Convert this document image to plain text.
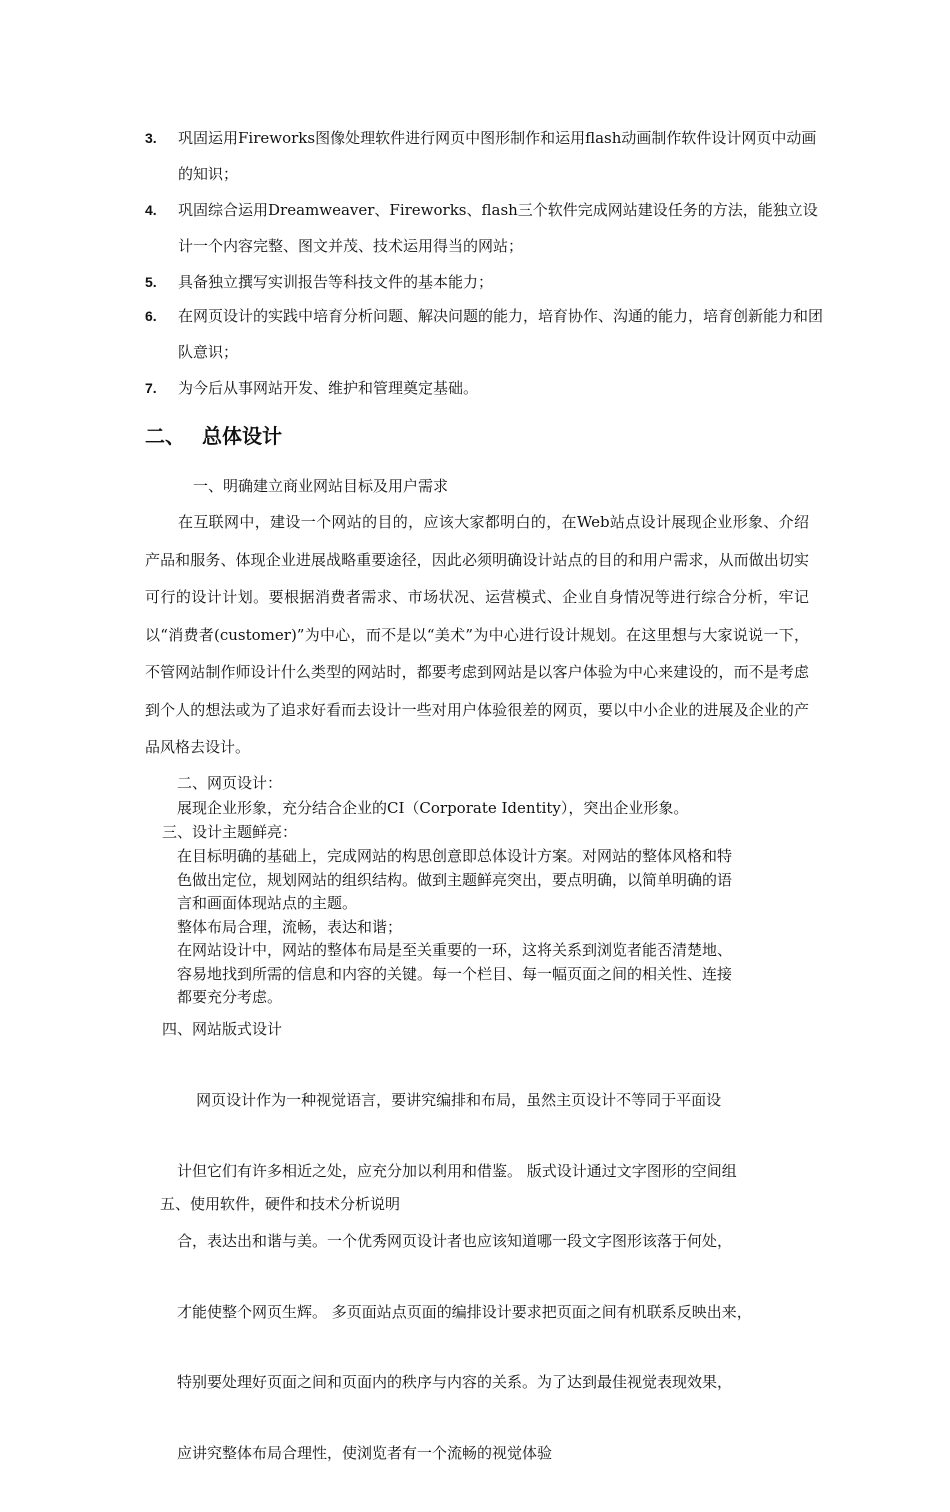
3.	巩固运用Fireworks图像处理软件进行网页中图形制作和运用flash动画制作软件设计网页中动画的知识；
4.	巩固综合运用Dreamweaver、Fireworks、flash三个软件完成网站建设任务的方法，能独立设计一个内容完整、图文并茂、技术运用得当的网站；
5.	具备独立撰写实训报告等科技文件的基本能力；
6.	在网页设计的实践中培育分析问题、解决问题的能力，培育协作、沟通的能力，培育创新能力和团队意识；
7.	为今后从事网站开发、维护和管理奠定基础。
二、 总体设计
一、明确建立商业网站目标及用户需求
在互联网中，建设一个网站的目的，应该大家都明白的，在Web站点设计展现企业形象、介绍产品和服务、体现企业进展战略重要途径，因此必须明确设计站点的目的和用户需求，从而做出切实可行的设计计划。要根据消费者需求、市场状况、运营模式、企业自身情况等进行综合分析，牢记以“消费者(customer)”为中心，而不是以“美术”为中心进行设计规划。在这里想与大家说说一下，不管网站制作师设计什么类型的网站时，都要考虑到网站是以客户体验为中心来建设的，而不是考虑到个人的想法或为了追求好看而去设计一些对用户体验很差的网页，要以中小企业的进展及企业的产品风格去设计。
二、网页设计：
展现企业形象，充分结合企业的CI（Corporate Identity），突出企业形象。
三、设计主题鲜亮：
在目标明确的基础上，完成网站的构思创意即总体设计方案。对网站的整体风格和特
色做出定位，规划网站的组织结构。做到主题鲜亮突出，要点明确，以简单明确的语
言和画面体现站点的主题。
整体布局合理，流畅，表达和谐；
在网站设计中，网站的整体布局是至关重要的一环，这将关系到浏览者能否清楚地、
容易地找到所需的信息和内容的关键。每一个栏目、每一幅页面之间的相关性、连接
都要充分考虑。
四、网站版式设计

网页设计作为一种视觉语言，要讲究编排和布局，虽然主页设计不等同于平面设

计但它们有许多相近之处，应充分加以利用和借鉴。 版式设计通过文字图形的空间组

合，表达出和谐与美。一个优秀网页设计者也应该知道哪一段文字图形该落于何处，

才能使整个网页生辉。 多页面站点页面的编排设计要求把页面之间有机联系反映出来，

特别要处理好页面之间和页面内的秩序与内容的关系。为了达到最佳视觉表现效果，

应讲究整体布局合理性，使浏览者有一个流畅的视觉体验

五、使用软件，硬件和技术分析说明
